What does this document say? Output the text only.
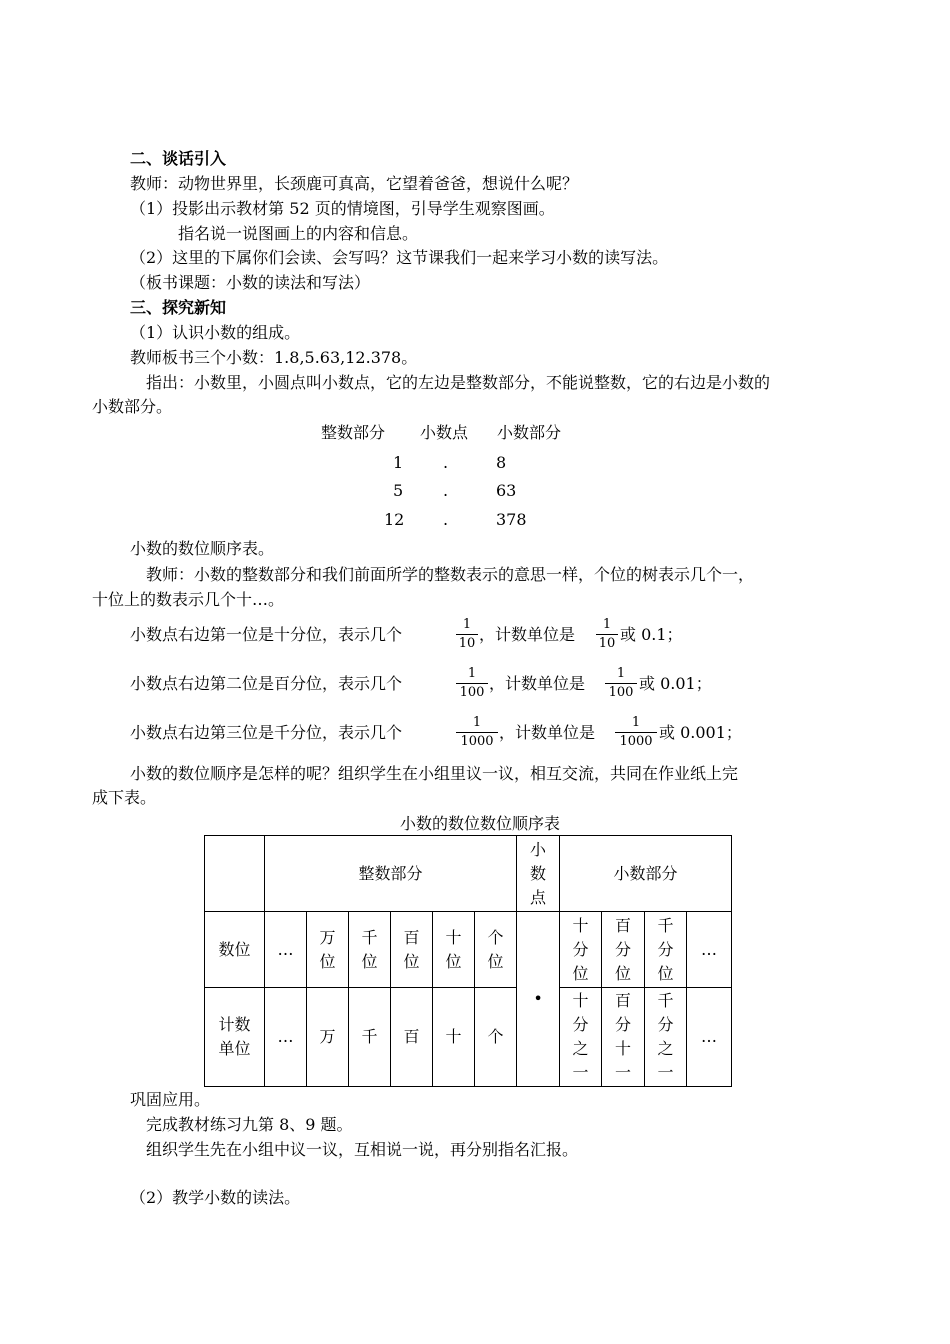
二、谈话引入
教师：动物世界里，长颈鹿可真高，它望着爸爸，想说什么呢？
（1）投影出示教材第 52 页的情境图，引导学生观察图画。
指名说一说图画上的内容和信息。
（2）这里的下属你们会读、会写吗？这节课我们一起来学习小数的读写法。
（板书课题：小数的读法和写法）
三、探究新知
（1）认识小数的组成。
教师板书三个小数：1.8,5.63,12.378。
指出：小数里，小圆点叫小数点，它的左边是整数部分，不能说整数，它的右边是小数的
小数部分。
整数部分 小数点 小数部分
1 .	8
5 .	63
12 .	378
小数的数位顺序表。
教师：小数的整数部分和我们前面所学的整数表示的意思一样，个位的树表示几个一，
十位上的数表示几个十…。
小数点右边第一位是十分位，表示几个
1
10 ，计数单位是
1
10 或 0.1；
小数点右边第二位是百分位，表示几个
1
100 ，计数单位是
1
100 或 0.01；
小数点右边第三位是千分位，表示几个
1
1000 ，计数单位是
1
1000 或 0.001；
小数的数位顺序是怎样的呢？组织学生在小组里议一议，相互交流，共同在作业纸上完
成下表。
小数的数位数位顺序表
	整数部分						小数点	小数部分			
数位	…	万位	千位	百位	十位	个位	•	十分位	百分位	千分位	…
计数单位	…	万	千	百	十	个		十分之一	百分十一	千分之一	…
巩固应用。
完成教材练习九第 8、9 题。
组织学生先在小组中议一议，互相说一说，再分别指名汇报。
（2）教学小数的读法。
